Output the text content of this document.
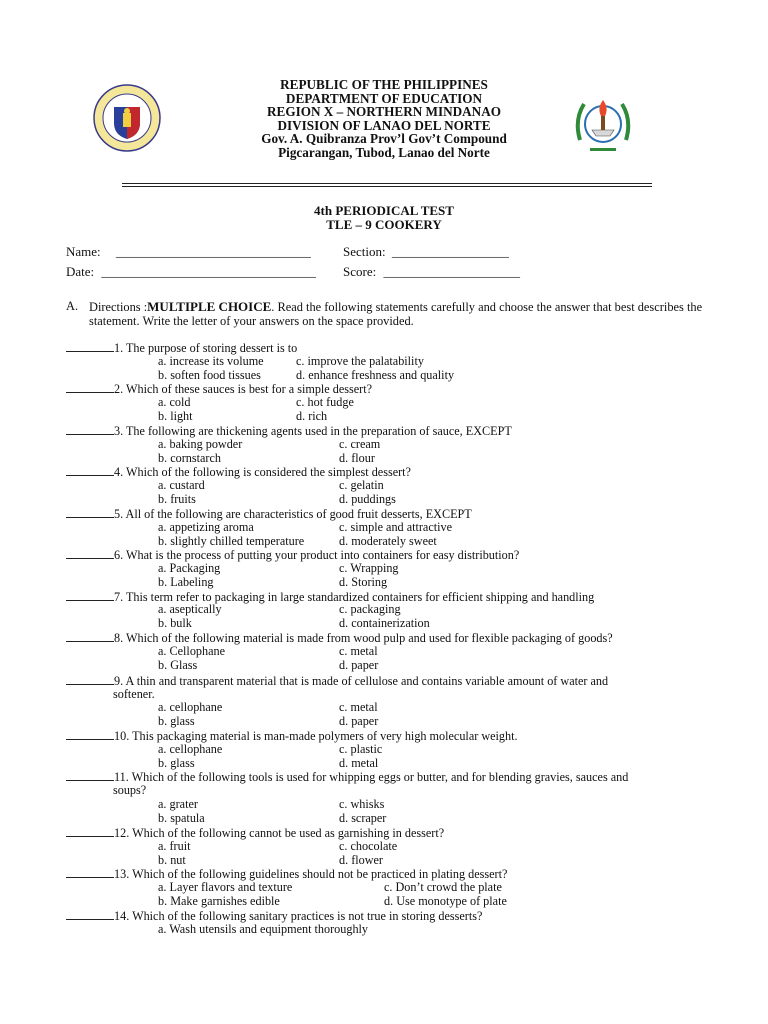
REPUBLIC OF THE PHILIPPINES
DEPARTMENT OF EDUCATION
REGION X – NORTHERN MINDANAO
DIVISION OF LANAO DEL NORTE
Gov. A. Quibranza Prov’l Gov’t Compound
Pigcarangan, Tubod, Lanao del Norte
4th PERIODICAL TEST
TLE – 9 COOKERY
Name: ______________________________ Section: __________________
Date: _________________________________ Score: _____________________
A. Directions :MULTIPLE CHOICE. Read the following statements carefully and choose the answer that best describes the statement. Write the letter of your answers on the space provided.
1. The purpose of storing dessert is to
a. increase its volume	c. improve the palatability
b. soften food tissues	d. enhance freshness and quality
2. Which of these sauces is best for a simple dessert?
a. cold	c. hot fudge
b. light	d. rich
3. The following are thickening agents used in the preparation of sauce, EXCEPT
a. baking powder	c. cream
b. cornstarch	d. flour
4. Which of the following is considered the simplest dessert?
a. custard	c. gelatin
b. fruits	d. puddings
5. All of the following are characteristics of good fruit desserts, EXCEPT
a. appetizing aroma	c. simple and attractive
b. slightly chilled temperature	d. moderately sweet
6. What is the process of putting your product into containers for easy distribution?
a. Packaging	c. Wrapping
b. Labeling	d. Storing
7. This term refer to packaging in large standardized containers for efficient shipping and handling
a. aseptically	c. packaging
b. bulk	d. containerization
8. Which of the following material is made from wood pulp and used for flexible packaging of goods?
a. Cellophane	c. metal
b. Glass	d. paper
9. A thin and transparent material that is made of cellulose and contains variable amount of water and
softener.
a. cellophane	c. metal
b. glass	d. paper
10. This packaging material is man-made polymers of very high molecular weight.
a. cellophane	c. plastic
b. glass	d. metal
11. Which of the following tools is used for whipping eggs or butter, and for blending gravies, sauces and
soups?
a. grater	c. whisks
b. spatula	d. scraper
12. Which of the following cannot be used as garnishing in dessert?
a. fruit	c. chocolate
b. nut	d. flower
13. Which of the following guidelines should not be practiced in plating dessert?
a. Layer flavors and texture	c. Don’t crowd the plate
b. Make garnishes edible	d. Use monotype of plate
14. Which of the following sanitary practices is not true in storing desserts?
a. Wash utensils and equipment thoroughly
